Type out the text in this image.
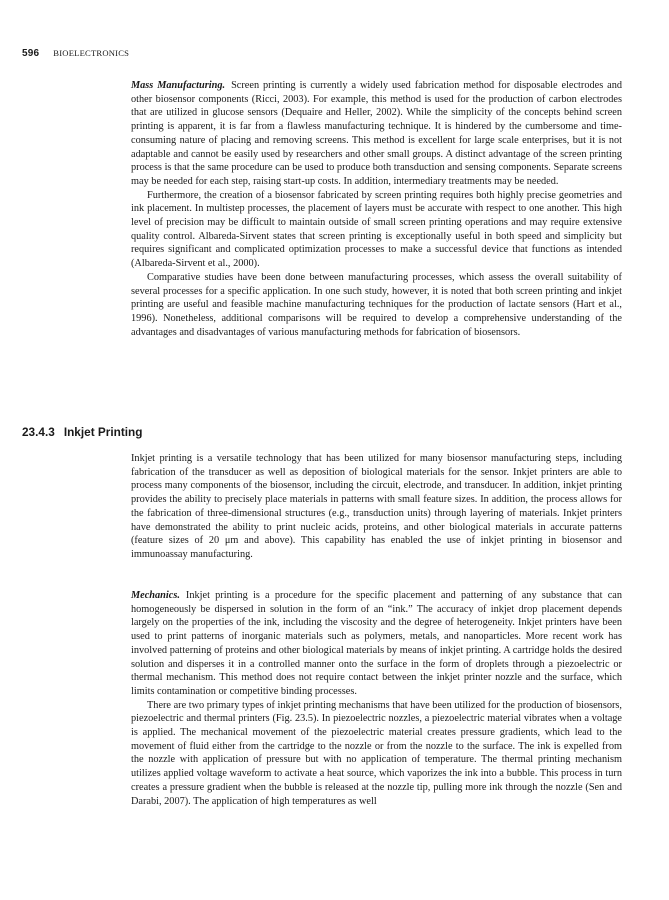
596 BIOELECTRONICS

Mass Manufacturing. Screen printing is currently a widely used fabrication method for disposable electrodes and other biosensor components (Ricci, 2003). For example, this method is used for the production of carbon electrodes that are utilized in glucose sensors (Dequaire and Heller, 2002). While the simplicity of the concepts behind screen printing is apparent, it is far from a flawless manufacturing technique. It is hindered by the cumbersome and time-consuming nature of placing and removing screens. This method is excellent for large scale enterprises, but it is not adaptable and cannot be easily used by researchers and other small groups. A distinct advantage of the screen printing process is that the same procedure can be used to produce both transduction and sensing components. Separate screens may be needed for each step, raising start-up costs. In addition, intermediary treatments may be needed.

Furthermore, the creation of a biosensor fabricated by screen printing requires both highly precise geometries and ink placement. In multistep processes, the placement of layers must be accurate with respect to one another. This high level of precision may be difficult to maintain outside of small screen printing operations and may require extensive quality control. Albareda-Sirvent states that screen printing is exceptionally useful in both speed and simplicity but requires significant and complicated optimization processes to make a successful device that functions as intended (Albareda-Sirvent et al., 2000).

Comparative studies have been done between manufacturing processes, which assess the overall suitability of several processes for a specific application. In one such study, however, it is noted that both screen printing and inkjet printing are useful and feasible machine manufacturing techniques for the production of lactate sensors (Hart et al., 1996). Nonetheless, additional comparisons will be required to develop a comprehensive understanding of the advantages and disadvantages of various manufacturing methods for fabrication of biosensors.

23.4.3 Inkjet Printing

Inkjet printing is a versatile technology that has been utilized for many biosensor manufacturing steps, including fabrication of the transducer as well as deposition of biological materials for the sensor. Inkjet printers are able to process many components of the biosensor, including the circuit, electrode, and transducer. In addition, inkjet printing provides the ability to precisely place materials in patterns with small feature sizes. In addition, the process allows for the fabrication of three-dimensional structures (e.g., transduction units) through layering of materials. Inkjet printers have demonstrated the ability to print nucleic acids, proteins, and other biological materials in accurate patterns (feature sizes of 20 μm and above). This capability has enabled the use of inkjet printing in biosensor and immunoassay manufacturing.

Mechanics. Inkjet printing is a procedure for the specific placement and patterning of any substance that can homogeneously be dispersed in solution in the form of an “ink.” The accuracy of inkjet drop placement depends largely on the properties of the ink, including the viscosity and the degree of heterogeneity. Inkjet printers have been used to print patterns of inorganic materials such as polymers, metals, and nanoparticles. More recent work has involved patterning of proteins and other biological materials by means of inkjet printing. A cartridge holds the desired solution and disperses it in a controlled manner onto the surface in the form of droplets through a piezoelectric or thermal mechanism. This method does not require contact between the inkjet printer nozzle and the surface, which limits contamination or competitive binding processes.

There are two primary types of inkjet printing mechanisms that have been utilized for the production of biosensors, piezoelectric and thermal printers (Fig. 23.5). In piezoelectric nozzles, a piezoelectric material vibrates when a voltage is applied. The mechanical movement of the piezoelectric material creates pressure gradients, which lead to the movement of fluid either from the cartridge to the nozzle or from the nozzle to the surface. The ink is expelled from the nozzle with application of pressure but with no application of temperature. The thermal printing mechanism utilizes applied voltage waveform to activate a heat source, which vaporizes the ink into a bubble. This process in turn creates a pressure gradient when the bubble is released at the nozzle tip, pulling more ink through the nozzle (Sen and Darabi, 2007). The application of high temperatures as well
